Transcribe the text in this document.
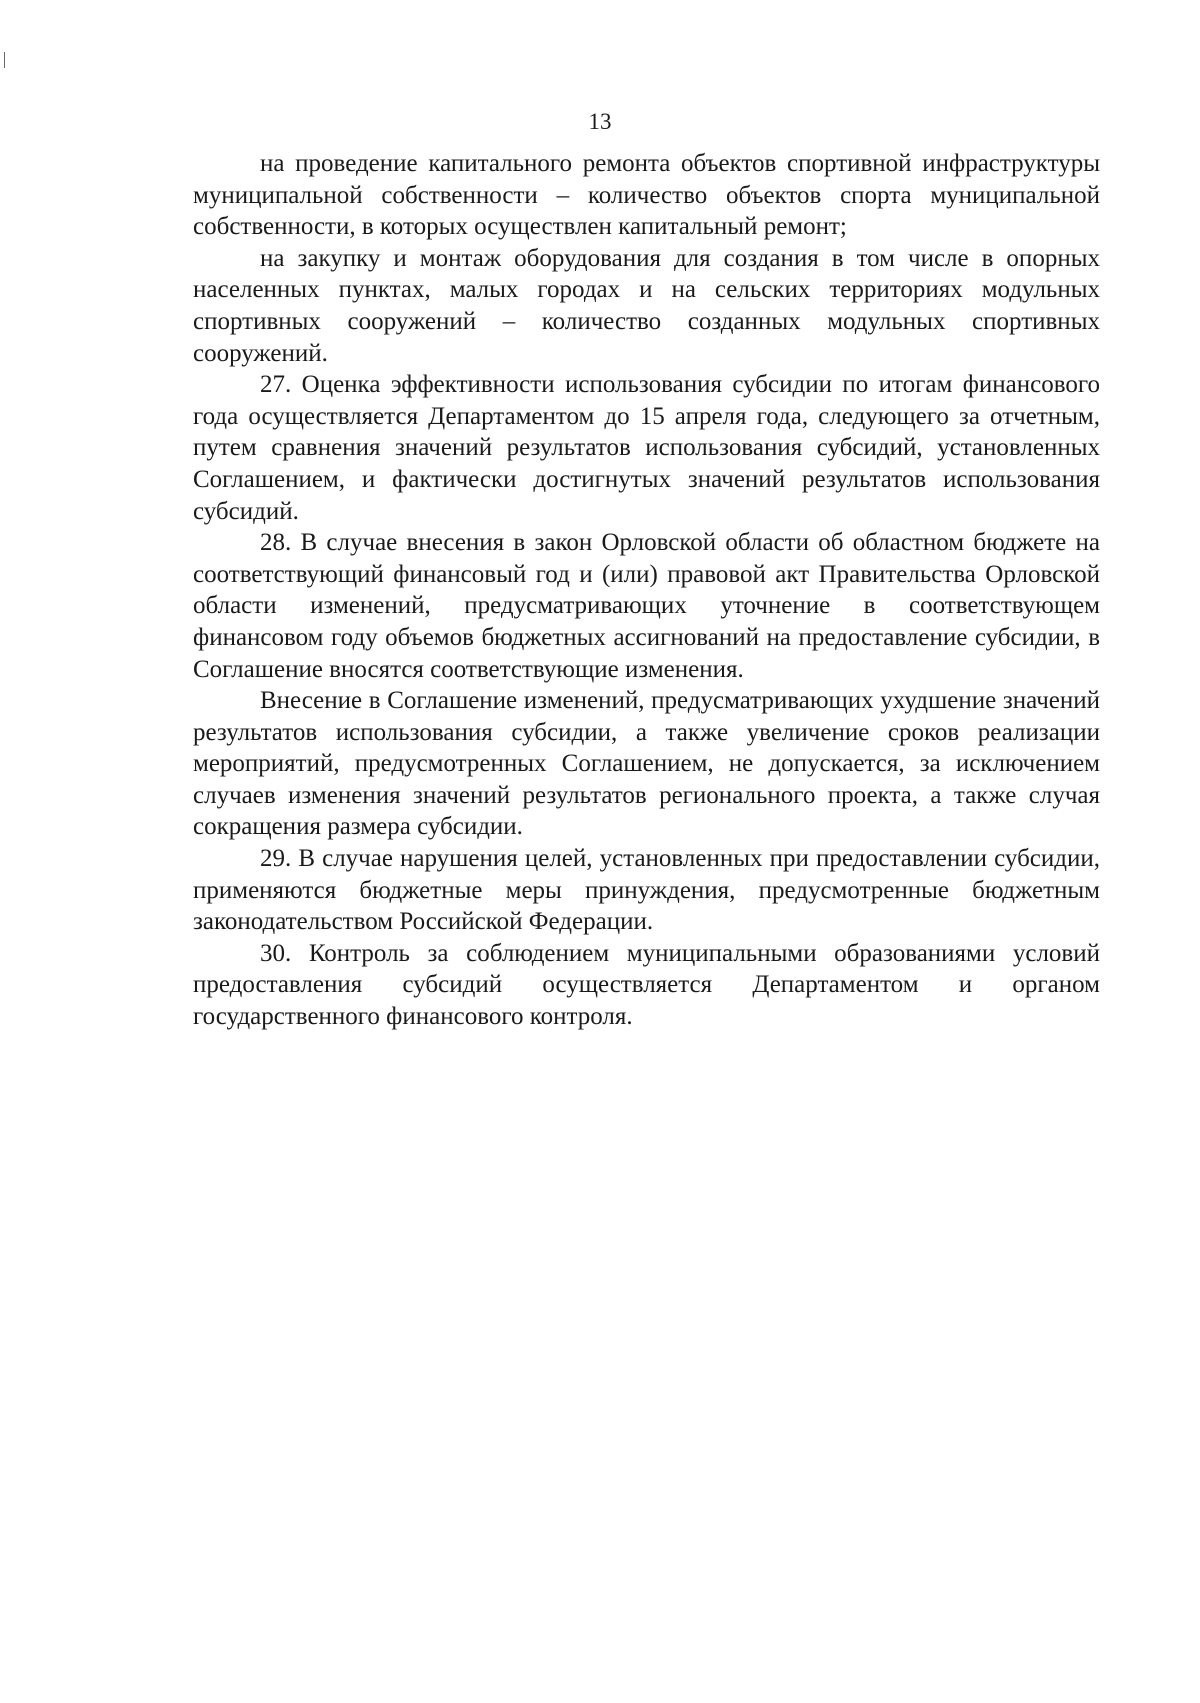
13

на проведение капитального ремонта объектов спортивной инфраструктуры муниципальной собственности – количество объектов спорта муниципальной собственности, в которых осуществлен капитальный ремонт;

на закупку и монтаж оборудования для создания в том числе в опорных населенных пунктах, малых городах и на сельских территориях модульных спортивных сооружений – количество созданных модульных спортивных сооружений.

27. Оценка эффективности использования субсидии по итогам финансового года осуществляется Департаментом до 15 апреля года, следующего за отчетным, путем сравнения значений результатов использования субсидий, установленных Соглашением, и фактически достигнутых значений результатов использования субсидий.

28. В случае внесения в закон Орловской области об областном бюджете на соответствующий финансовый год и (или) правовой акт Правительства Орловской области изменений, предусматривающих уточнение в соответствующем финансовом году объемов бюджетных ассигнований на предоставление субсидии, в Соглашение вносятся соответствующие изменения.

Внесение в Соглашение изменений, предусматривающих ухудшение значений результатов использования субсидии, а также увеличение сроков реализации мероприятий, предусмотренных Соглашением, не допускается, за исключением случаев изменения значений результатов регионального проекта, а также случая сокращения размера субсидии.

29. В случае нарушения целей, установленных при предоставлении субсидии, применяются бюджетные меры принуждения, предусмотренные бюджетным законодательством Российской Федерации.

30. Контроль за соблюдением муниципальными образованиями условий предоставления субсидий осуществляется Департаментом и органом государственного финансового контроля.
